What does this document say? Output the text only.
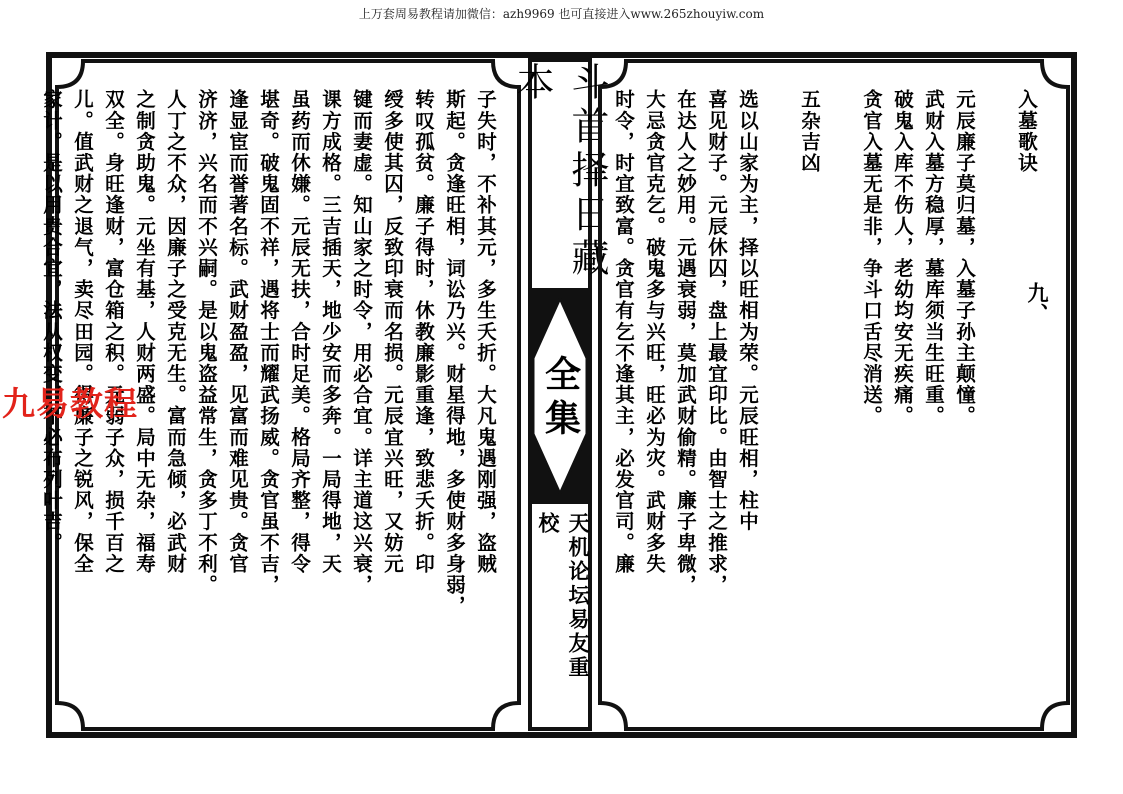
上万套周易教程请加微信：azh9969 也可直接进入www.265zhouyiw.com
子失时，不补其元，多生夭折。大凡鬼遇刚强，盗贼
斯起。贪逢旺相，词讼乃兴。财星得地，多使财多身弱，
转叹孤贫。廉子得时，休教廉影重逢，致悲夭折。印
绶多使其囚，反致印衰而名损。元辰宜兴旺，又妨元
键而妻虚。知山家之时令，用必合宜。详主道这兴衰，
课方成格。三吉插天，地少安而多奔。一局得地，天
虽药而休嫌。元辰无扶，合时足美。格局齐整，得令
堪奇。破鬼固不祥，遇将士而耀武扬威。贪官虽不吉，
逢显宦而誉著名标。武财盈盈，见富而难见贵。贪官
济济，兴名而不兴嗣。是以鬼盗益常生，贪多丁不利。
人丁之不众，因廉子之受克无生。富而急倾，必武财
之制贪助鬼。元坐有基，人财两盛。局中无杂，福寿
双全。身旺逢财，富仓箱之积。元弱子众，损千百之
儿。值武财之退气，卖尽田园。得廉子之锐风，保全
家计。是以用贵合宜，法从权变，不必布列叶吉。	斗首择日藏本
全集
天机论坛易友重 校
入墓歌诀

元辰廉子莫归墓，入墓子孙主颠憧。
武财入墓方稳厚，墓库须当生旺重。
破鬼入库不伤人，老幼均安无疾痛。
贪官入墓无是非，争斗口舌尽消送。

五杂吉凶

选以山家为主，择以旺相为荣。元辰旺相，柱中
喜见财子。元辰休囚，盘上最宜印比。由智士之推求，
在达人之妙用。元遇衰弱，莫加武财偷精。廉子卑微，
大忌贪官克乞。破鬼多与兴旺，旺必为灾。武财多失
时令，时宜致富。贪官有乞不逢其主，必发官司。廉	九、
九易教程
